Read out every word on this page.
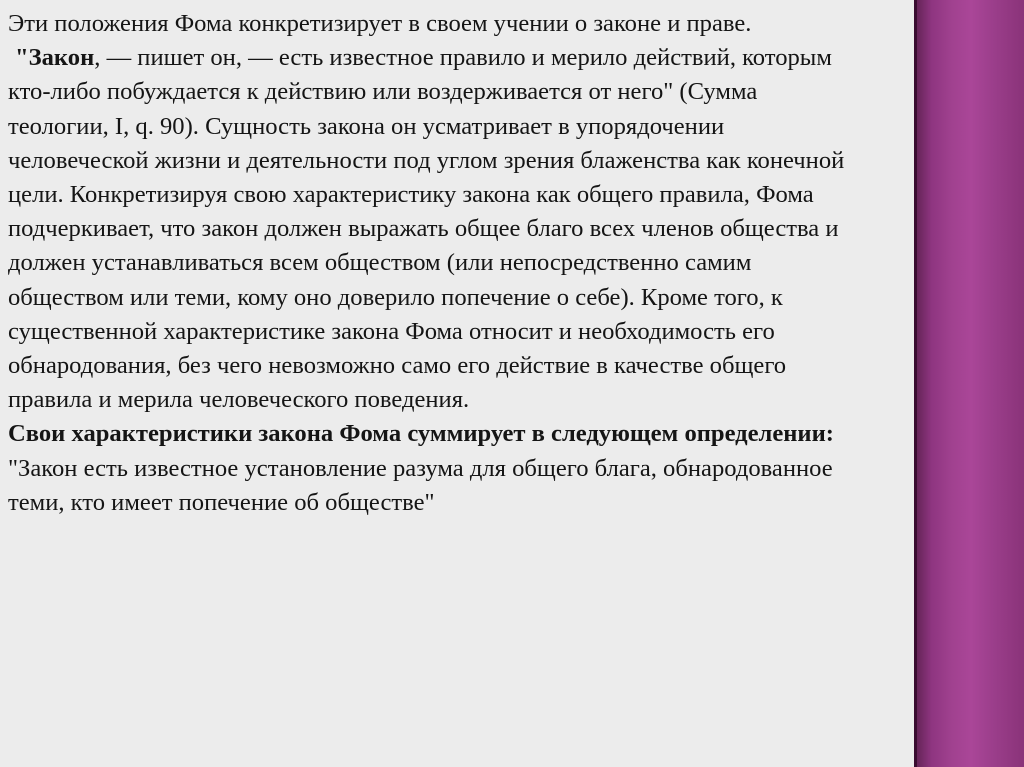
Эти положения Фома конкретизирует в своем учении о законе и праве.
"Закон, — пишет он, — есть известное правило и мерило действий, которым
кто-либо побуждается к действию или воздерживается от него" (Сумма
теологии, I, q. 90). Сущность закона он усматривает в упорядочении
человеческой жизни и деятельности под углом зрения блаженства как конечной
цели. Конкретизируя свою характеристику закона как общего правила, Фома
подчеркивает, что закон должен выражать общее благо всех членов общества и
должен устанавливаться всем обществом (или непосредственно самим
обществом или теми, кому оно доверило попечение о себе). Кроме того, к
существенной характеристике закона Фома относит и необходимость его
обнародования, без чего невозможно само его действие в качестве общего
правила и мерила человеческого поведения.
Свои характеристики закона Фома суммирует в следующем определении:
"Закон есть известное установление разума для общего блага, обнародованное
теми, кто имеет попечение об обществе"
